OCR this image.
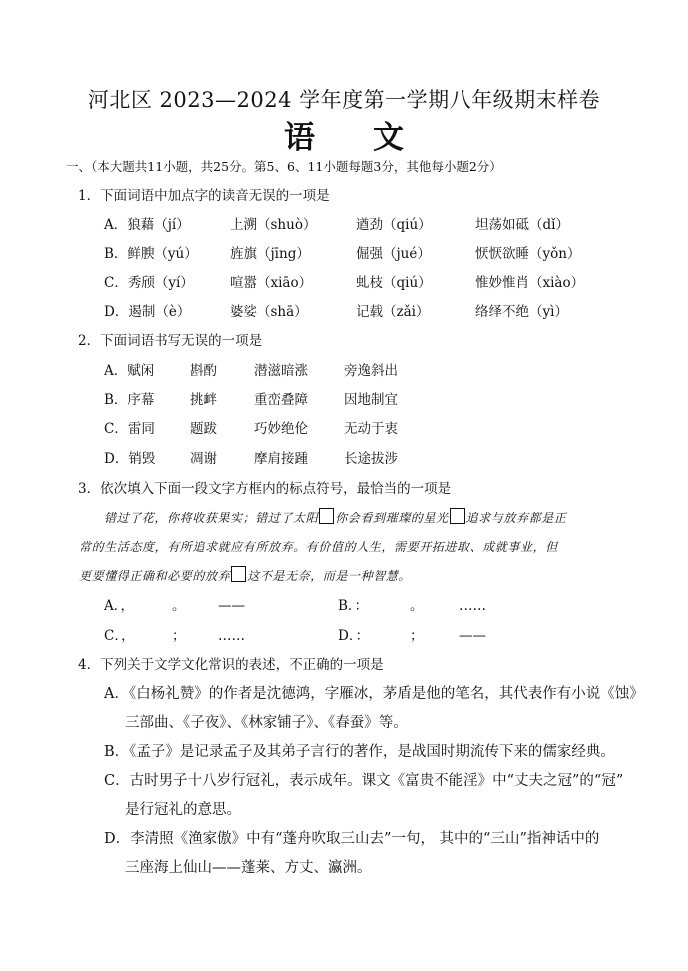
河北区 2023—2024 学年度第一学期八年级期末样卷
语 文
一、（本大题共11小题，共25分。第5、6、11小题每题3分，其他每小题2分）
1．下面词语中加点字的读音无误的一项是
A．狼藉（jí）	上溯（shuò）	遒劲（qiú）	坦荡如砥（dǐ）
B．鲜腴（yú） 旌旗（jīng）	倔强（jué）	恹恹欲睡（yǒn）
C．秀颀（yí）	喧嚣（xiāo）	虬枝（qiú）	惟妙惟肖（xiào）
D．遏制（è）	婆娑（shā）	记载（zǎi）	络绎不绝（yì）
2．下面词语书写无误的一项是
A．赋闲	斟酌	潜滋暗涨	旁逸斜出
B．序幕	挑衅	重峦叠障	因地制宜
C．雷同	题跋	巧妙绝伦	无动于衷
D．销毁	凋谢	摩肩接踵	长途拔涉
3．依次填入下面一段文字方框内的标点符号，最恰当的一项是
错过了花，你将收获果实；错过了太阳 你会看到璀璨的星光 追求与放弃都是正
常的生活态度，有所追求就应有所放弃。有价值的人生，需要开拓进取、成就事业，但
更要懂得正确和必要的放弃 这不是无奈，而是一种智慧。
A．，	。 ——	B．：	。	……
C．，	； ……	D．：	；	——
4．下列关于文学文化常识的表述，不正确的一项是
A．《白杨礼赞》的作者是沈德鸿，字雁冰，茅盾是他的笔名，其代表作有小说《蚀》
三部曲、《子夜》、《林家铺子》、《春蚕》等。
B．《孟子》是记录孟子及其弟子言行的著作，是战国时期流传下来的儒家经典。
C．古时男子十八岁行冠礼，表示成年。课文《富贵不能淫》中“丈夫之冠”的“冠”
是行冠礼的意思。
D．李清照《渔家傲》中有“蓬舟吹取三山去”一句， 其中的“三山”指神话中的
三座海上仙山——蓬莱、方丈、瀛洲。
